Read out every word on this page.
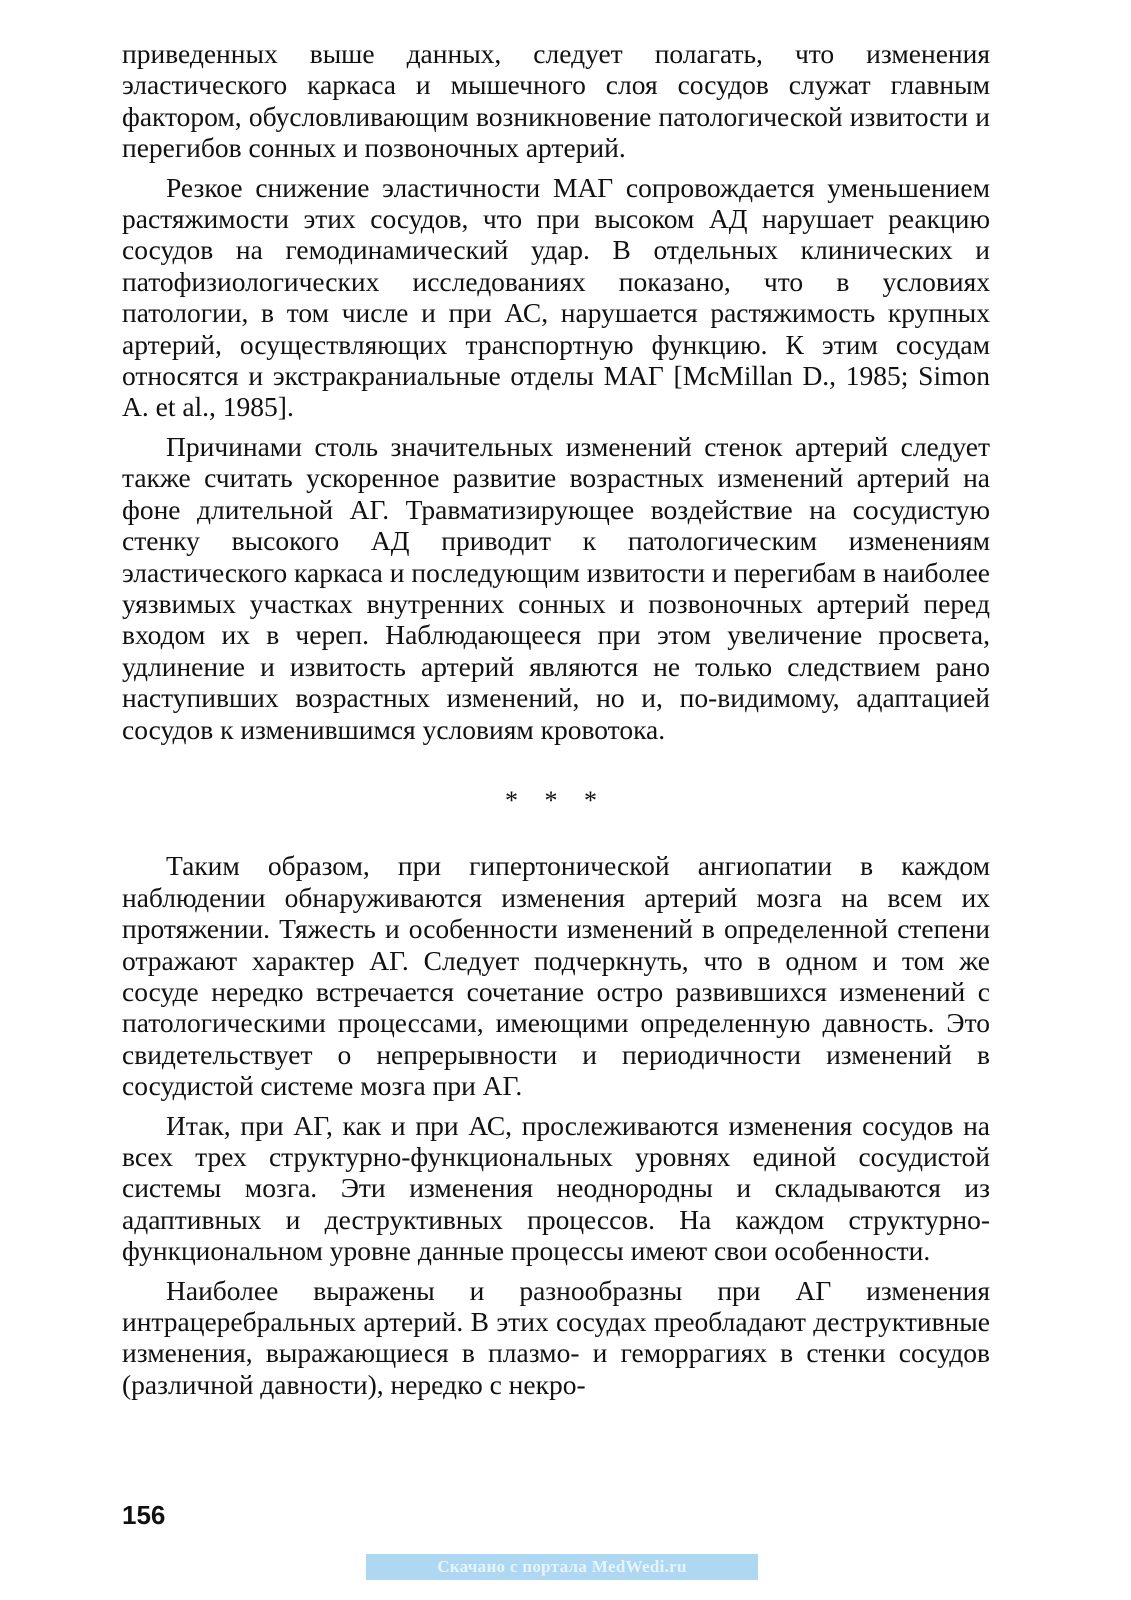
приведенных выше данных, следует полагать, что изменения эластического каркаса и мышечного слоя сосудов служат главным фактором, обусловливающим возникновение патологической извитости и перегибов сонных и позвоночных артерий.

Резкое снижение эластичности МАГ сопровождается уменьшением растяжимости этих сосудов, что при высоком АД нарушает реакцию сосудов на гемодинамический удар. В отдельных клинических и патофизиологических исследованиях показано, что в условиях патологии, в том числе и при АС, нарушается растяжимость крупных артерий, осуществляющих транспортную функцию. К этим сосудам относятся и экстракраниальные отделы МАГ [McMillan D., 1985; Simon A. et al., 1985].

Причинами столь значительных изменений стенок артерий следует также считать ускоренное развитие возрастных изменений артерий на фоне длительной АГ. Травматизирующее воздействие на сосудистую стенку высокого АД приводит к патологическим изменениям эластического каркаса и последующим извитости и перегибам в наиболее уязвимых участках внутренних сонных и позвоночных артерий перед входом их в череп. Наблюдающееся при этом увеличение просвета, удлинение и извитость артерий являются не только следствием рано наступивших возрастных изменений, но и, по-видимому, адаптацией сосудов к изменившимся условиям кровотока.

* * *

Таким образом, при гипертонической ангиопатии в каждом наблюдении обнаруживаются изменения артерий мозга на всем их протяжении. Тяжесть и особенности изменений в определенной степени отражают характер АГ. Следует подчеркнуть, что в одном и том же сосуде нередко встречается сочетание остро развившихся изменений с патологическими процессами, имеющими определенную давность. Это свидетельствует о непрерывности и периодичности изменений в сосудистой системе мозга при АГ.

Итак, при АГ, как и при АС, прослеживаются изменения сосудов на всех трех структурно-функциональных уровнях единой сосудистой системы мозга. Эти изменения неоднородны и складываются из адаптивных и деструктивных процессов. На каждом структурно-функциональном уровне данные процессы имеют свои особенности.

Наиболее выражены и разнообразны при АГ изменения интрацеребральных артерий. В этих сосудах преобладают деструктивные изменения, выражающиеся в плазмо- и геморрагиях в стенки сосудов (различной давности), нередко с некро-

156
Скачано с портала MedWedi.ru
